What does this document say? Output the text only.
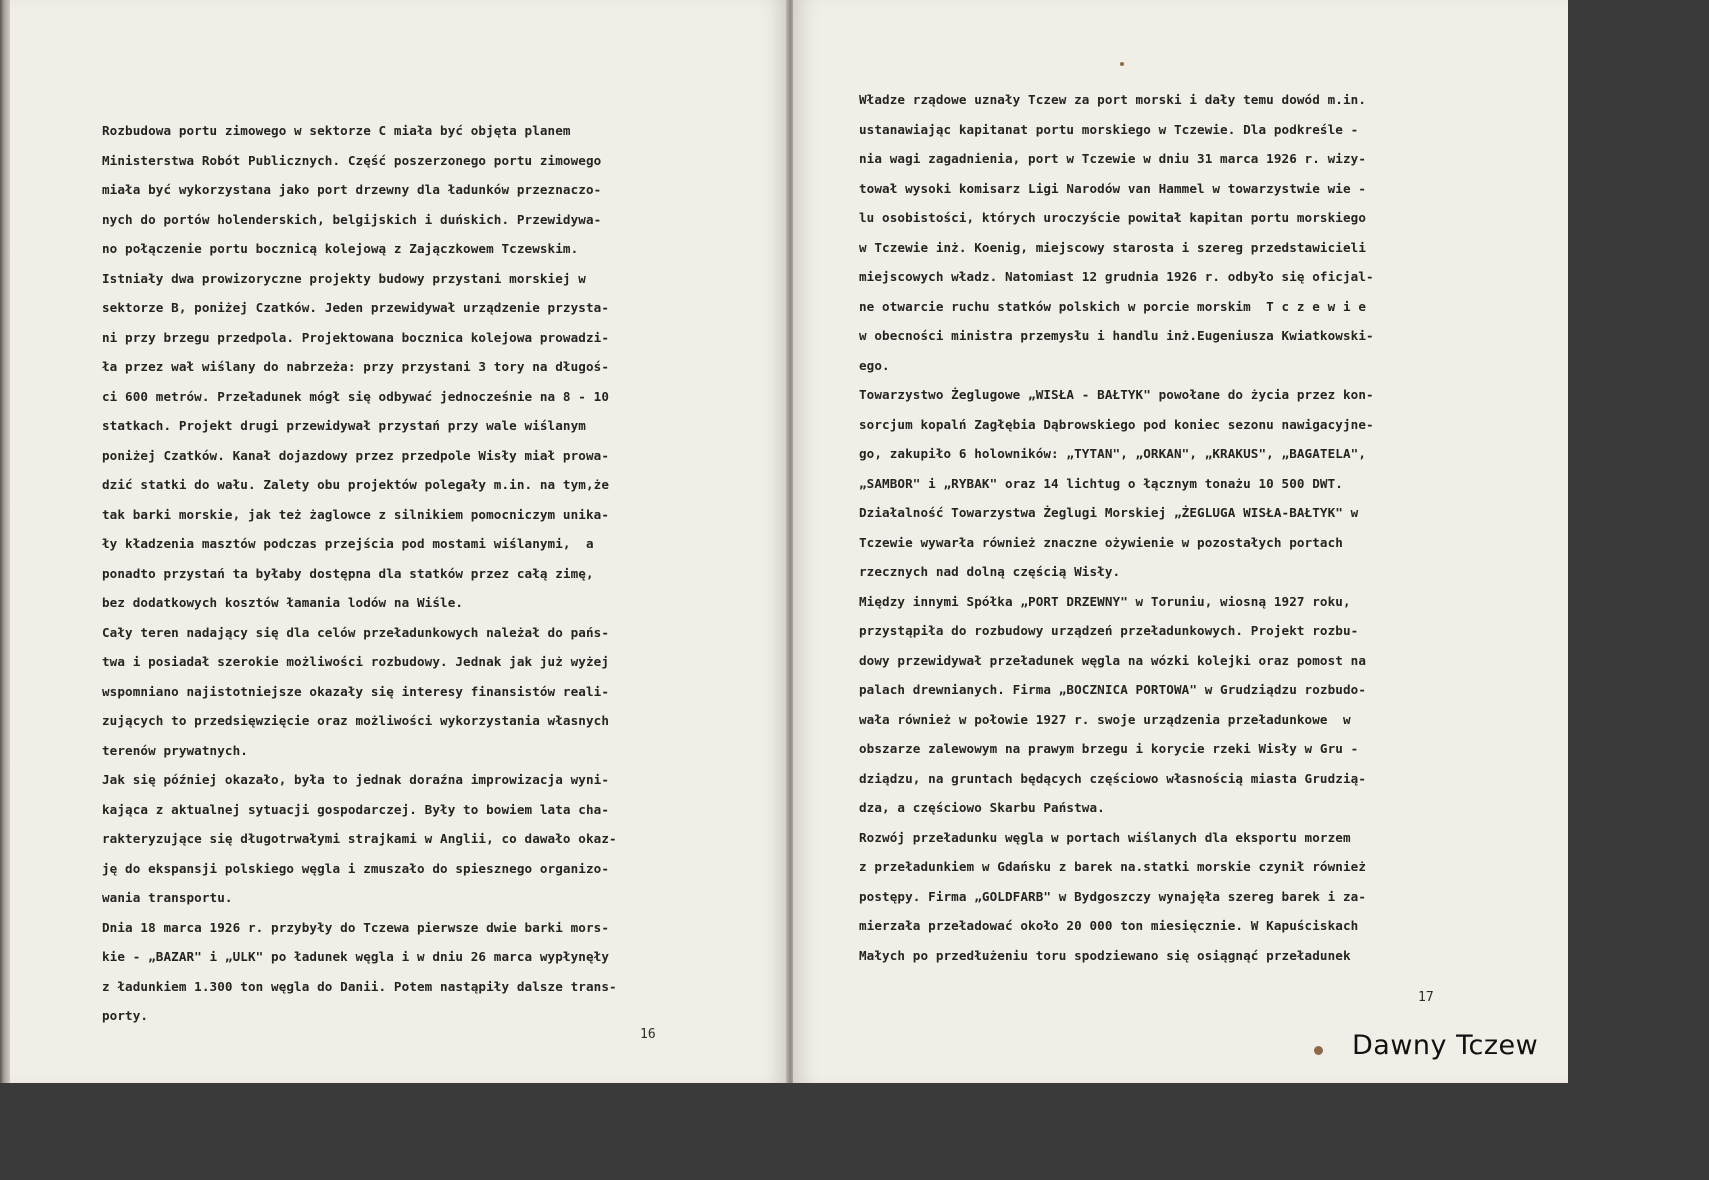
Rozbudowa portu zimowego w sektorze C miała być objęta planem
Ministerstwa Robót Publicznych. Część poszerzonego portu zimowego
miała być wykorzystana jako port drzewny dla ładunków przeznaczo-
nych do portów holenderskich, belgijskich i duńskich. Przewidywa-
no połączenie portu bocznicą kolejową z Zajączkowem Tczewskim.
Istniały dwa prowizoryczne projekty budowy przystani morskiej w
sektorze B, poniżej Czatków. Jeden przewidywał urządzenie przysta-
ni przy brzegu przedpola. Projektowana bocznica kolejowa prowadzi-
ła przez wał wiślany do nabrzeża: przy przystani 3 tory na długoś-
ci 600 metrów. Przeładunek mógł się odbywać jednocześnie na 8 - 10
statkach. Projekt drugi przewidywał przystań przy wale wiślanym
poniżej Czatków. Kanał dojazdowy przez przedpole Wisły miał prowa-
dzić statki do wału. Zalety obu projektów polegały m.in. na tym,że
tak barki morskie, jak też żaglowce z silnikiem pomocniczym unika-
ły kładzenia masztów podczas przejścia pod mostami wiślanymi,  a
ponadto przystań ta byłaby dostępna dla statków przez całą zimę,
bez dodatkowych kosztów łamania lodów na Wiśle.
Cały teren nadający się dla celów przeładunkowych należał do pańs-
twa i posiadał szerokie możliwości rozbudowy. Jednak jak już wyżej
wspomniano najistotniejsze okazały się interesy finansistów reali-
zujących to przedsięwzięcie oraz możliwości wykorzystania własnych
terenów prywatnych.
Jak się później okazało, była to jednak doraźna improwizacja wyni-
kająca z aktualnej sytuacji gospodarczej. Były to bowiem lata cha-
rakteryzujące się długotrwałymi strajkami w Anglii, co dawało okaz-
ję do ekspansji polskiego węgla i zmuszało do spiesznego organizo-
wania transportu.
Dnia 18 marca 1926 r. przybyły do Tczewa pierwsze dwie barki mors-
kie - „BAZAR" i „ULK" po ładunek węgla i w dniu 26 marca wypłynęły
z ładunkiem 1.300 ton węgla do Danii. Potem nastąpiły dalsze trans-
porty.
16
Władze rządowe uznały Tczew za port morski i dały temu dowód m.in.
ustanawiając kapitanat portu morskiego w Tczewie. Dla podkreśle -
nia wagi zagadnienia, port w Tczewie w dniu 31 marca 1926 r. wizy-
tował wysoki komisarz Ligi Narodów van Hammel w towarzystwie wie -
lu osobistości, których uroczyście powitał kapitan portu morskiego
w Tczewie inż. Koenig, miejscowy starosta i szereg przedstawicieli
miejscowych władz. Natomiast 12 grudnia 1926 r. odbyło się oficjal-
ne otwarcie ruchu statków polskich w porcie morskim  T c z e w i e
w obecności ministra przemysłu i handlu inż.Eugeniusza Kwiatkowski-
ego.
Towarzystwo Żeglugowe „WISŁA - BAŁTYK" powołane do życia przez kon-
sorcjum kopalń Zagłębia Dąbrowskiego pod koniec sezonu nawigacyjne-
go, zakupiło 6 holowników: „TYTAN", „ORKAN", „KRAKUS", „BAGATELA",
„SAMBOR" i „RYBAK" oraz 14 lichtug o łącznym tonażu 10 500 DWT.
Działalność Towarzystwa Żeglugi Morskiej „ŻEGLUGA WISŁA-BAŁTYK" w
Tczewie wywarła również znaczne ożywienie w pozostałych portach
rzecznych nad dolną częścią Wisły.
Między innymi Spółka „PORT DRZEWNY" w Toruniu, wiosną 1927 roku,
przystąpiła do rozbudowy urządzeń przeładunkowych. Projekt rozbu-
dowy przewidywał przeładunek węgla na wózki kolejki oraz pomost na
palach drewnianych. Firma „BOCZNICA PORTOWA" w Grudziądzu rozbudo-
wała również w połowie 1927 r. swoje urządzenia przeładunkowe  w
obszarze zalewowym na prawym brzegu i korycie rzeki Wisły w Gru -
dziądzu, na gruntach będących częściowo własnością miasta Grudzią-
dza, a częściowo Skarbu Państwa.
Rozwój przeładunku węgla w portach wiślanych dla eksportu morzem
z przeładunkiem w Gdańsku z barek na.statki morskie czynił również
postępy. Firma „GOLDFARB" w Bydgoszczy wynajęła szereg barek i za-
mierzała przeładować około 20 000 ton miesięcznie. W Kapuściskach
Małych po przedłużeniu toru spodziewano się osiągnąć przeładunek
17
Dawny Tczew
